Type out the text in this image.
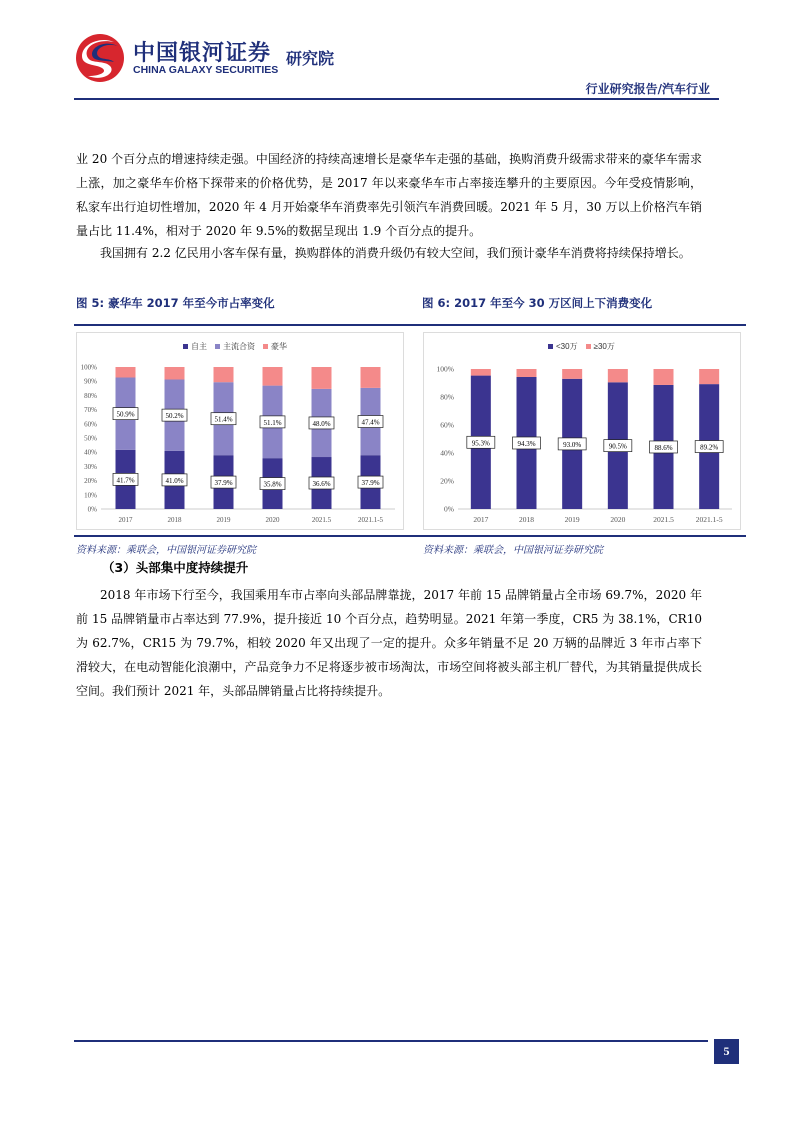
中国银河证券
CHINA GALAXY SECURITIES
研究院
行业研究报告/汽车行业
业 20 个百分点的增速持续走强。中国经济的持续高速增长是豪华车走强的基础，换购消费升级需求带来的豪华车需求上涨，加之豪华车价格下探带来的价格优势，是 2017 年以来豪华车市占率接连攀升的主要原因。今年受疫情影响，私家车出行迫切性增加，2020 年 4 月开始豪华车消费率先引领汽车消费回暖。2021 年 5 月，30 万以上价格汽车销量占比 11.4%，相对于 2020 年 9.5%的数据呈现出 1.9 个百分点的提升。
我国拥有 2.2 亿民用小客车保有量，换购群体的消费升级仍有较大空间，我们预计豪华车消费将持续保持增长。
图 5: 豪华车 2017 年至今市占率变化	图 6: 2017 年至今 30 万区间上下消费变化
自主 主流合资 豪华
0%
10%
20%
30%
40%
50%
60%
70%
80%
90%
100%
41.7%
50.9%
2017
41.0%
50.2%
2018
37.9%
51.4%
2019
35.8%
51.1%
2020
36.6%
48.0%
2021.5
37.9%
47.4%
2021.1-5
<30万 ≥30万
0%
20%
40%
60%
80%
100%
95.3%
2017
94.3%
2018
93.0%
2019
90.5%
2020
88.6%
2021.5
89.2%
2021.1-5
资料来源：乘联会，中国银河证券研究院	资料来源：乘联会，中国银河证券研究院
（3）头部集中度持续提升
2018 年市场下行至今，我国乘用车市占率向头部品牌靠拢，2017 年前 15 品牌销量占全市场 69.7%，2020 年前 15 品牌销量市占率达到 77.9%，提升接近 10 个百分点，趋势明显。2021 年第一季度，CR5 为 38.1%，CR10 为 62.7%，CR15 为 79.7%，相较 2020 年又出现了一定的提升。众多年销量不足 20 万辆的品牌近 3 年市占率下滑较大，在电动智能化浪潮中，产品竞争力不足将逐步被市场淘汰，市场空间将被头部主机厂替代，为其销量提供成长空间。我们预计 2021 年，头部品牌销量占比将持续提升。
5
